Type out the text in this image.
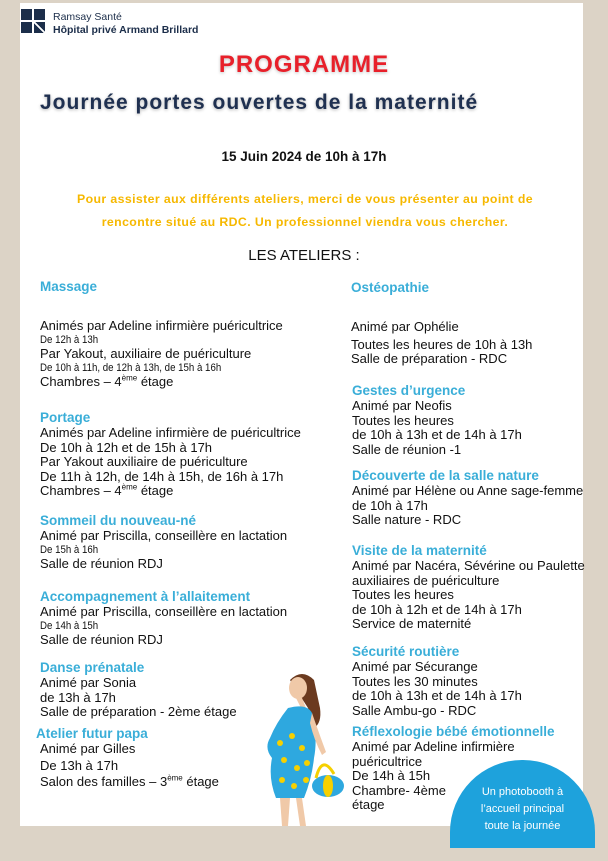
Ramsay Santé
Hôpital privé Armand Brillard
PROGRAMME
Journée portes ouvertes de la maternité
15 Juin 2024 de 10h à 17h
Pour assister aux différents ateliers, merci de vous présenter au point de
rencontre situé au RDC. Un professionnel viendra vous chercher.
LES ATELIERS :
Massage
Animés par Adeline infirmière puéricultrice
De 12h à 13h
Par Yakout, auxiliaire de puériculture
De 10h à 11h, de 12h à 13h, de 15h à 16h
Chambres – 4ème étage
Portage
Animés par Adeline infirmière de puéricultrice
De 10h à 12h et de 15h à 17h
Par Yakout auxiliaire de puériculture
De 11h à 12h, de 14h à 15h, de 16h à 17h
Chambres – 4ème étage
Sommeil du nouveau-né
Animé par Priscilla, conseillère en lactation
De 15h à 16h
Salle de réunion RDJ
Accompagnement à l’allaitement
Animé par Priscilla, conseillère en lactation
De 14h à 15h
Salle de réunion RDJ
Danse prénatale
Animé par Sonia
de 13h à 17h
Salle de préparation - 2ème étage
Atelier futur papa
Animé par Gilles
De 13h à 17h
Salon des familles – 3ème étage
Ostéopathie
Animé par Ophélie
Toutes les heures de 10h à 13h
Salle de préparation - RDC
Gestes d’urgence
Animé par Neofis
Toutes les heures
de 10h à 13h et de 14h à 17h
Salle de réunion -1
Découverte de la salle nature
Animé par Hélène ou Anne sage-femme
de 10h à 17h
Salle nature - RDC
Visite de la maternité
Animé par Nacéra, Sévérine ou Paulette
auxiliaires de puériculture
Toutes les heures
de 10h à 12h et de 14h à 17h
Service de maternité
Sécurité routière
Animé par Sécurange
Toutes les 30 minutes
de 10h à 13h et de 14h à 17h
Salle Ambu-go - RDC
Réflexologie bébé émotionnelle
Animé par Adeline infirmière
puéricultrice
De 14h à 15h
Chambre- 4ème
étage
Un photobooth à
l’accueil principal
toute la journée
